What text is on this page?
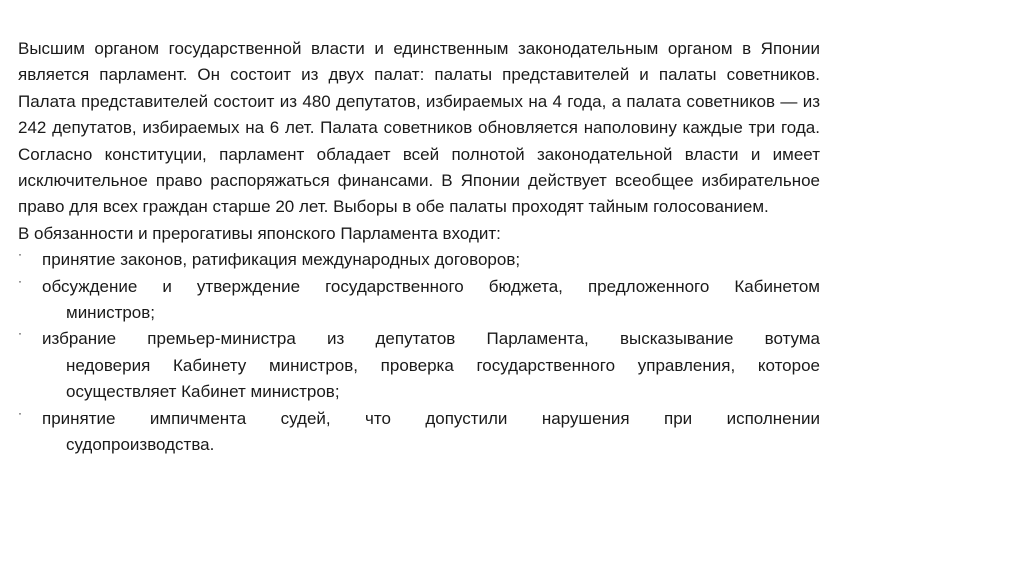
Высшим органом государственной власти и единственным законодательным органом в Японии является парламент. Он состоит из двух палат: палаты представителей и палаты советников. Палата представителей состоит из 480 депутатов, избираемых на 4 года, а палата советников — из 242 депутатов, избираемых на 6 лет. Палата советников обновляется наполовину каждые три года. Согласно конституции, парламент обладает всей полнотой законодательной власти и имеет исключительное право распоряжаться финансами. В Японии действует всеобщее избирательное право для всех граждан старше 20 лет. Выборы в обе палаты проходят тайным голосованием.

В обязанности и прерогативы японского Парламента входит:

· принятие законов, ратификация международных договоров;
· обсуждение и утверждение государственного бюджета, предложенного Кабинетом
министров;
· избрание премьер-министра из депутатов Парламента, высказывание вотума
недоверия Кабинету министров, проверка государственного управления, которое осуществляет Кабинет министров;
· принятие импичмента судей, что допустили нарушения при исполнении
судопроизводства.
